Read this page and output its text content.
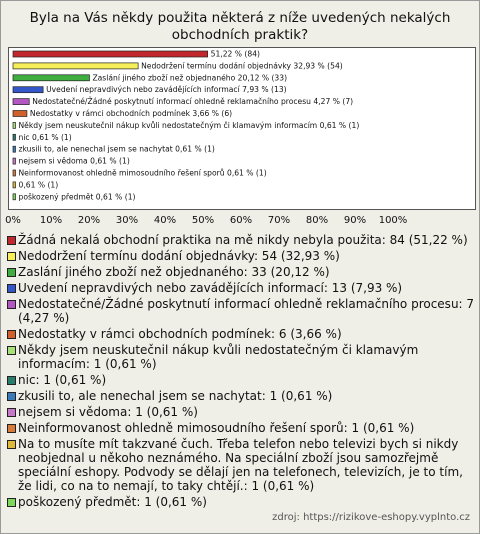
Byla na Vás někdy použita některá z níže uvedených nekalých
obchodních praktik?
51,22 % (84)
Nedodržení termínu dodání objednávky 32,93 % (54)
Zaslání jiného zboží než objednaného 20,12 % (33)
Uvedení nepravdivých nebo zavádějících informací 7,93 % (13)
Nedostatečné/Žádné poskytnutí informací ohledně reklamačního procesu 4,27 % (7)
Nedostatky v rámci obchodních podmínek 3,66 % (6)
Někdy jsem neuskutečnil nákup kvůli nedostatečným či klamavým informacím 0,61 % (1)
nic 0,61 % (1)
zkusili to, ale nenechal jsem se nachytat 0,61 % (1)
nejsem si vědoma 0,61 % (1)
Neinformovanost ohledně mimosoudního řešení sporů 0,61 % (1)
0,61 % (1)
poškozený předmět 0,61 % (1)
0% 10% 20% 30% 40% 50% 60% 70% 80% 90% 100%
Žádná nekalá obchodní praktika na mě nikdy nebyla použita: 84 (51,22 %)
Nedodržení termínu dodání objednávky: 54 (32,93 %)
Zaslání jiného zboží než objednaného: 33 (20,12 %)
Uvedení nepravdivých nebo zavádějících informací: 13 (7,93 %)
Nedostatečné/Žádné poskytnutí informací ohledně reklamačního procesu: 7 (4,27 %)
Nedostatky v rámci obchodních podmínek: 6 (3,66 %)
Někdy jsem neuskutečnil nákup kvůli nedostatečným či klamavým informacím: 1 (0,61 %)
nic: 1 (0,61 %)
zkusili to, ale nenechal jsem se nachytat: 1 (0,61 %)
nejsem si vědoma: 1 (0,61 %)
Neinformovanost ohledně mimosoudního řešení sporů: 1 (0,61 %)
Na to musíte mít takzvané čuch. Třeba telefon nebo televizi bych si nikdy neobjednal u někoho neznámého. Na speciální zboží jsou samozřejmě speciální eshopy. Podvody se dělají jen na telefonech, televizích, je to tím, že lidi, co na to nemají, to taky chtějí.: 1 (0,61 %)
poškozený předmět: 1 (0,61 %)
zdroj: https://rizikove-eshopy.vyplnto.cz
